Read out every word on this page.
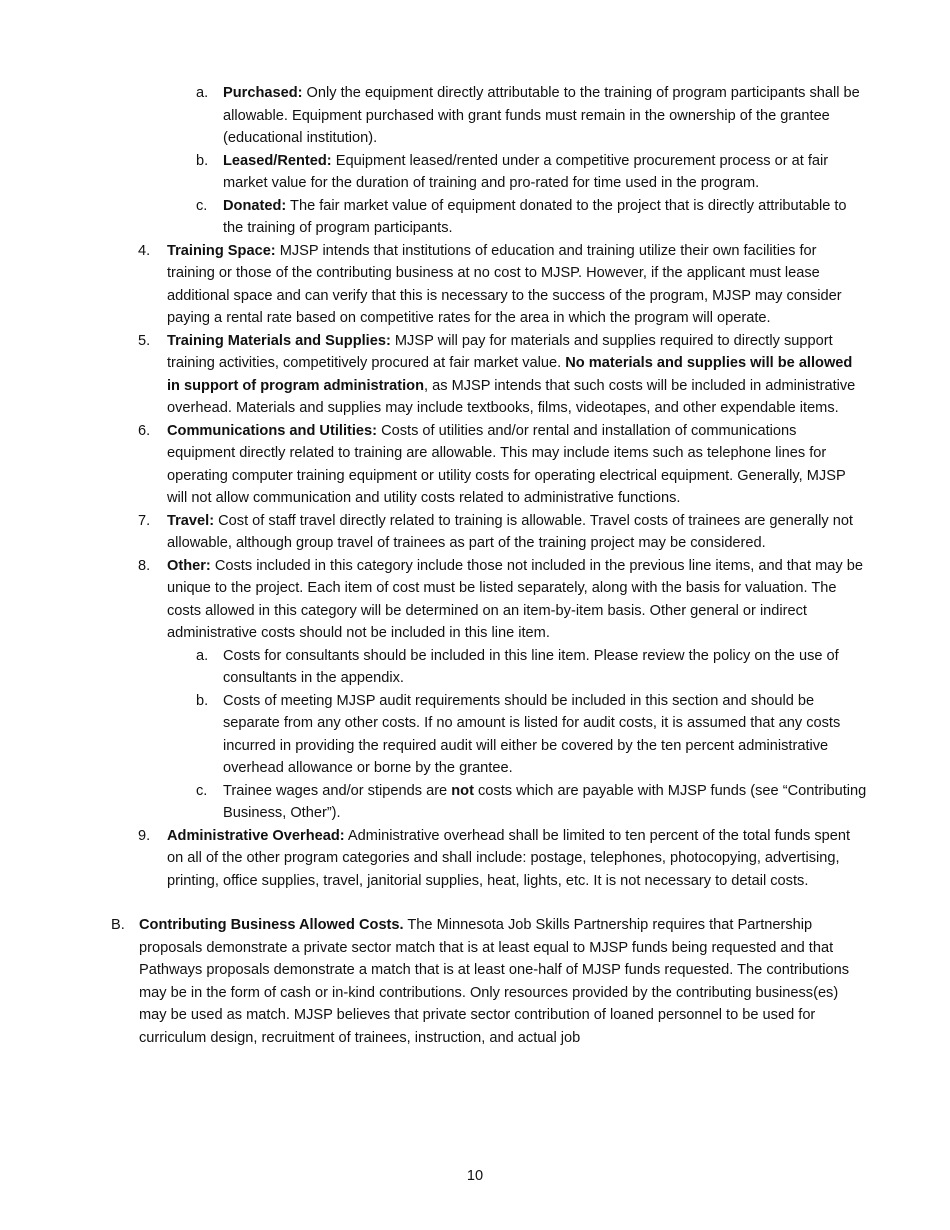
a. Purchased: Only the equipment directly attributable to the training of program participants shall be allowable. Equipment purchased with grant funds must remain in the ownership of the grantee (educational institution).
b. Leased/Rented: Equipment leased/rented under a competitive procurement process or at fair market value for the duration of training and pro-rated for time used in the program.
c. Donated: The fair market value of equipment donated to the project that is directly attributable to the training of program participants.
4. Training Space: MJSP intends that institutions of education and training utilize their own facilities for training or those of the contributing business at no cost to MJSP. However, if the applicant must lease additional space and can verify that this is necessary to the success of the program, MJSP may consider paying a rental rate based on competitive rates for the area in which the program will operate.
5. Training Materials and Supplies: MJSP will pay for materials and supplies required to directly support training activities, competitively procured at fair market value. No materials and supplies will be allowed in support of program administration, as MJSP intends that such costs will be included in administrative overhead. Materials and supplies may include textbooks, films, videotapes, and other expendable items.
6. Communications and Utilities: Costs of utilities and/or rental and installation of communications equipment directly related to training are allowable. This may include items such as telephone lines for operating computer training equipment or utility costs for operating electrical equipment. Generally, MJSP will not allow communication and utility costs related to administrative functions.
7. Travel: Cost of staff travel directly related to training is allowable. Travel costs of trainees are generally not allowable, although group travel of trainees as part of the training project may be considered.
8. Other: Costs included in this category include those not included in the previous line items, and that may be unique to the project. Each item of cost must be listed separately, along with the basis for valuation. The costs allowed in this category will be determined on an item-by-item basis. Other general or indirect administrative costs should not be included in this line item.
a. Costs for consultants should be included in this line item. Please review the policy on the use of consultants in the appendix.
b. Costs of meeting MJSP audit requirements should be included in this section and should be separate from any other costs. If no amount is listed for audit costs, it is assumed that any costs incurred in providing the required audit will either be covered by the ten percent administrative overhead allowance or borne by the grantee.
c. Trainee wages and/or stipends are not costs which are payable with MJSP funds (see “Contributing Business, Other”).
9. Administrative Overhead: Administrative overhead shall be limited to ten percent of the total funds spent on all of the other program categories and shall include: postage, telephones, photocopying, advertising, printing, office supplies, travel, janitorial supplies, heat, lights, etc. It is not necessary to detail costs.
B. Contributing Business Allowed Costs. The Minnesota Job Skills Partnership requires that Partnership proposals demonstrate a private sector match that is at least equal to MJSP funds being requested and that Pathways proposals demonstrate a match that is at least one-half of MJSP funds requested. The contributions may be in the form of cash or in-kind contributions. Only resources provided by the contributing business(es) may be used as match. MJSP believes that private sector contribution of loaned personnel to be used for curriculum design, recruitment of trainees, instruction, and actual job
10
